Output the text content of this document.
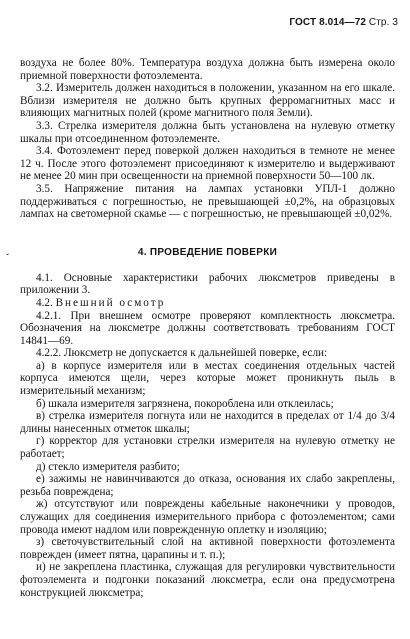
ГОСТ 8.014—72 Стр. 3
ˇ

воздуха не более 80%. Температура воздуха должна быть измерена около приемной поверхности фотоэлемента.

3.2. Измеритель должен находиться в положении, указанном на его шкале. Вблизи измерителя не должно быть крупных ферромагнитных масс и влияющих магнитных полей (кроме магнитного поля Земли).

3.3. Стрелка измерителя должна быть установлена на нулевую отметку шкалы при отсоединенном фотоэлементе.

3.4. Фотоэлемент перед поверкой должен находиться в темноте не менее 12 ч. После этого фотоэлемент присоединяют к измерителю и выдерживают не менее 20 мин при освещенности на приемной поверхности 50—100 лк.

3.5. Напряжение питания на лампах установки УПЛ-1 должно поддерживаться с погрешностью, не превышающей ±0,2%, на образцовых лампах на светомерной скамье — с погрешностью, не превышающей ±0,02%.

4. ПРОВЕДЕНИЕ ПОВЕРКИ

4.1. Основные характеристики рабочих люксметров приведены в приложении 3.

4.2. Внешний осмотр

4.2.1. При внешнем осмотре проверяют комплектность люксметра. Обозначения на люксметре должны соответствовать требованиям ГОСТ 14841—69.

4.2.2. Люксметр не допускается к дальнейшей поверке, если:

а) в корпусе измерителя или в местах соединения отдельных частей корпуса имеются щели, через которые может проникнуть пыль в измерительный механизм;

б) шкала измерителя загрязнена, покороблена или отклеилась;

в) стрелка измерителя погнута или не находится в пределах от 1/4 до 3/4 длины нанесенных отметок шкалы;

г) корректор для установки стрелки измерителя на нулевую отметку не работает;

д) стекло измерителя разбито;

е) зажимы не навинчиваются до отказа, основания их слабо закреплены, резьба повреждена;

ж) отсутствуют или повреждены кабельные наконечники у проводов, служащих для соединения измерительного прибора с фотоэлементом; сами провода имеют надлом или поврежденную оплетку и изоляцию;

з) светочувствительный слой на активной поверхности фотоэлемента поврежден (имеет пятна, царапины и т. п.);

и) не закреплена пластинка, служащая для регулировки чувствительности фотоэлемента и подгонки показаний люксметра, если она предусмотрена конструкцией люксметра;
